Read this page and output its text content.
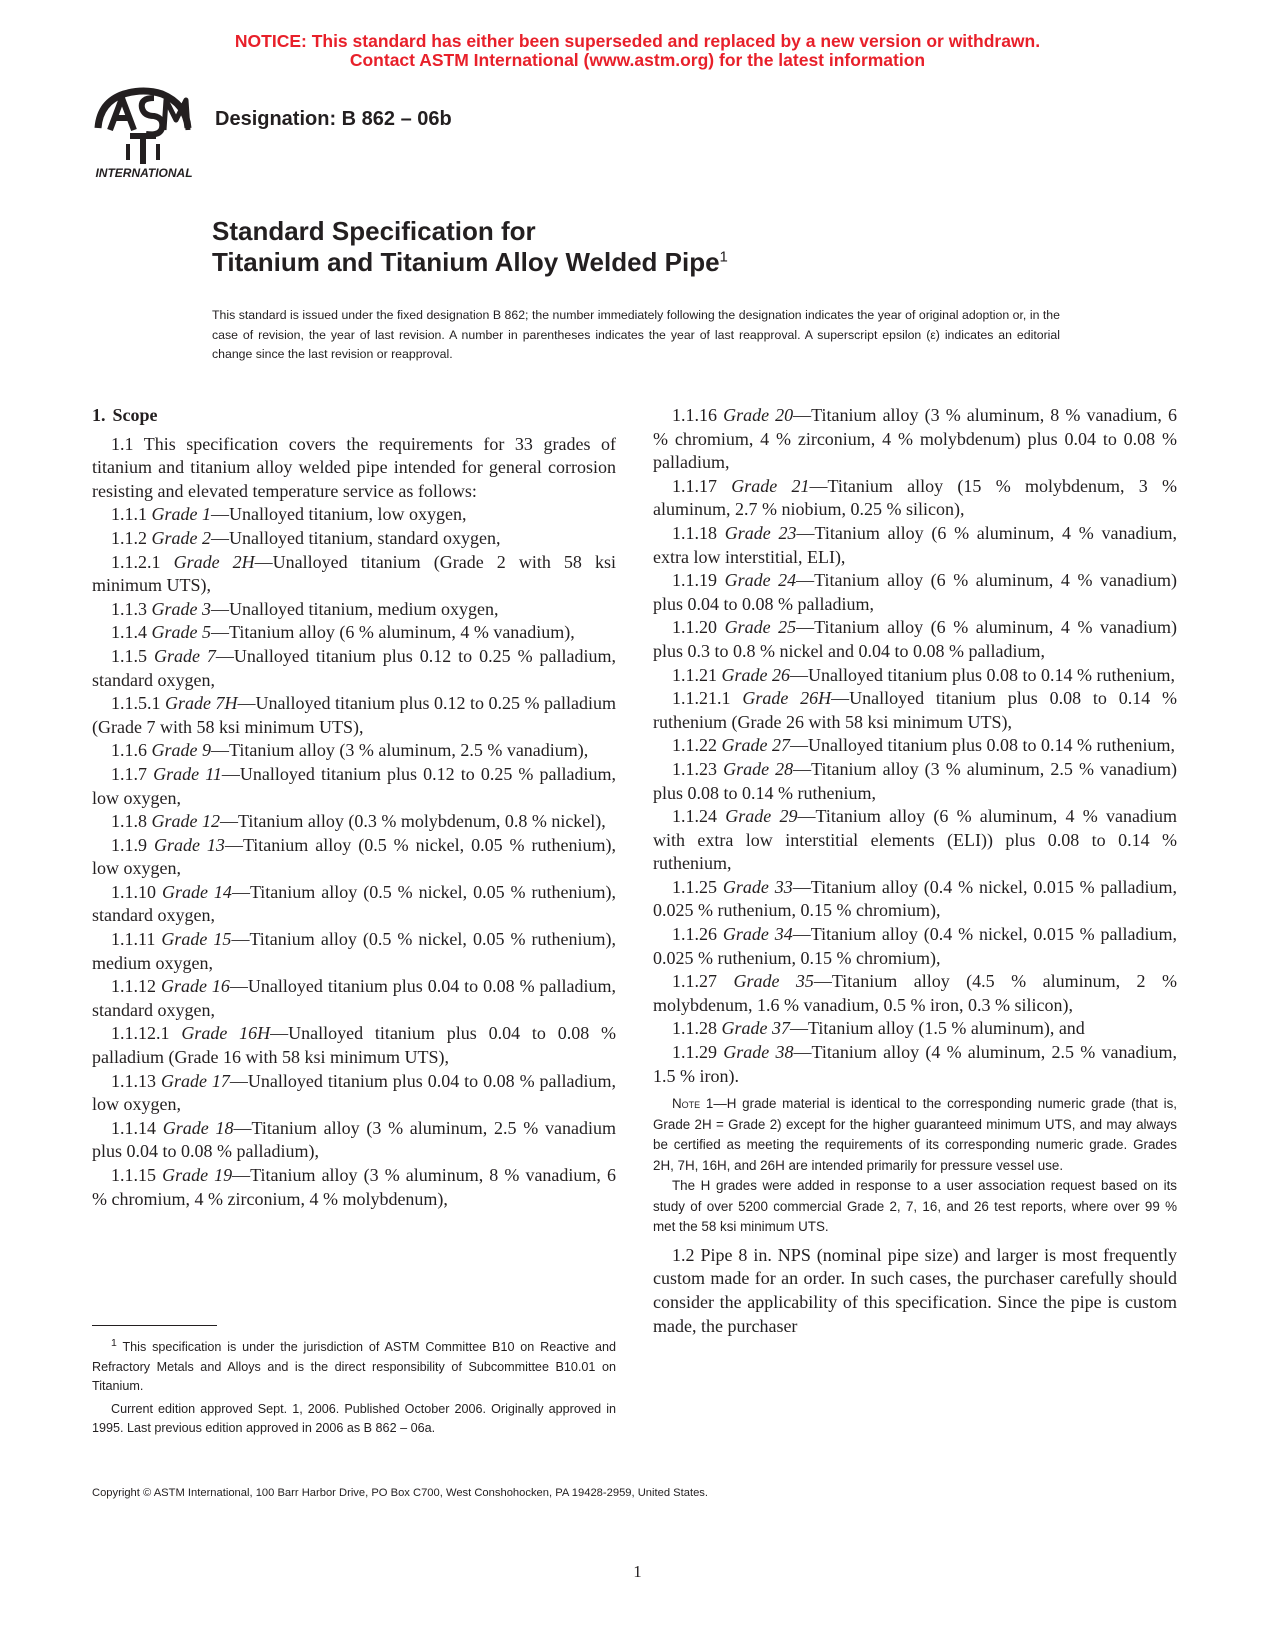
NOTICE: This standard has either been superseded and replaced by a new version or withdrawn.
Contact ASTM International (www.astm.org) for the latest information
INTERNATIONAL
Designation: B 862 – 06b
Standard Specification for
Titanium and Titanium Alloy Welded Pipe$^1$
This standard is issued under the fixed designation B 862; the number immediately following the designation indicates the year of original adoption or, in the case of revision, the year of last revision. A number in parentheses indicates the year of last reapproval. A superscript epsilon (ε) indicates an editorial change since the last revision or reapproval.
1. Scope

1.1 This specification covers the requirements for 33 grades of titanium and titanium alloy welded pipe intended for general corrosion resisting and elevated temperature service as follows:

1.1.1 Grade 1—Unalloyed titanium, low oxygen,

1.1.2 Grade 2—Unalloyed titanium, standard oxygen,

1.1.2.1 Grade 2H—Unalloyed titanium (Grade 2 with 58 ksi minimum UTS),

1.1.3 Grade 3—Unalloyed titanium, medium oxygen,

1.1.4 Grade 5—Titanium alloy (6 % aluminum, 4 % vanadium),

1.1.5 Grade 7—Unalloyed titanium plus 0.12 to 0.25 % palladium, standard oxygen,

1.1.5.1 Grade 7H—Unalloyed titanium plus 0.12 to 0.25 % palladium (Grade 7 with 58 ksi minimum UTS),

1.1.6 Grade 9—Titanium alloy (3 % aluminum, 2.5 % vanadium),

1.1.7 Grade 11—Unalloyed titanium plus 0.12 to 0.25 % palladium, low oxygen,

1.1.8 Grade 12—Titanium alloy (0.3 % molybdenum, 0.8 % nickel),

1.1.9 Grade 13—Titanium alloy (0.5 % nickel, 0.05 % ruthenium), low oxygen,

1.1.10 Grade 14—Titanium alloy (0.5 % nickel, 0.05 % ruthenium), standard oxygen,

1.1.11 Grade 15—Titanium alloy (0.5 % nickel, 0.05 % ruthenium), medium oxygen,

1.1.12 Grade 16—Unalloyed titanium plus 0.04 to 0.08 % palladium, standard oxygen,

1.1.12.1 Grade 16H—Unalloyed titanium plus 0.04 to 0.08 % palladium (Grade 16 with 58 ksi minimum UTS),

1.1.13 Grade 17—Unalloyed titanium plus 0.04 to 0.08 % palladium, low oxygen,

1.1.14 Grade 18—Titanium alloy (3 % aluminum, 2.5 % vanadium plus 0.04 to 0.08 % palladium),

1.1.15 Grade 19—Titanium alloy (3 % aluminum, 8 % vanadium, 6 % chromium, 4 % zirconium, 4 % molybdenum),

1.1.16 Grade 20—Titanium alloy (3 % aluminum, 8 % vanadium, 6 % chromium, 4 % zirconium, 4 % molybdenum) plus 0.04 to 0.08 % palladium,

1.1.17 Grade 21—Titanium alloy (15 % molybdenum, 3 % aluminum, 2.7 % niobium, 0.25 % silicon),

1.1.18 Grade 23—Titanium alloy (6 % aluminum, 4 % vanadium, extra low interstitial, ELI),

1.1.19 Grade 24—Titanium alloy (6 % aluminum, 4 % vanadium) plus 0.04 to 0.08 % palladium,

1.1.20 Grade 25—Titanium alloy (6 % aluminum, 4 % vanadium) plus 0.3 to 0.8 % nickel and 0.04 to 0.08 % palladium,

1.1.21 Grade 26—Unalloyed titanium plus 0.08 to 0.14 % ruthenium,

1.1.21.1 Grade 26H—Unalloyed titanium plus 0.08 to 0.14 % ruthenium (Grade 26 with 58 ksi minimum UTS),

1.1.22 Grade 27—Unalloyed titanium plus 0.08 to 0.14 % ruthenium,

1.1.23 Grade 28—Titanium alloy (3 % aluminum, 2.5 % vanadium) plus 0.08 to 0.14 % ruthenium,

1.1.24 Grade 29—Titanium alloy (6 % aluminum, 4 % vanadium with extra low interstitial elements (ELI)) plus 0.08 to 0.14 % ruthenium,

1.1.25 Grade 33—Titanium alloy (0.4 % nickel, 0.015 % palladium, 0.025 % ruthenium, 0.15 % chromium),

1.1.26 Grade 34—Titanium alloy (0.4 % nickel, 0.015 % palladium, 0.025 % ruthenium, 0.15 % chromium),

1.1.27 Grade 35—Titanium alloy (4.5 % aluminum, 2 % molybdenum, 1.6 % vanadium, 0.5 % iron, 0.3 % silicon),

1.1.28 Grade 37—Titanium alloy (1.5 % aluminum), and

1.1.29 Grade 38—Titanium alloy (4 % aluminum, 2.5 % vanadium, 1.5 % iron).

Note 1—H grade material is identical to the corresponding numeric grade (that is, Grade 2H = Grade 2) except for the higher guaranteed minimum UTS, and may always be certified as meeting the requirements of its corresponding numeric grade. Grades 2H, 7H, 16H, and 26H are intended primarily for pressure vessel use.

The H grades were added in response to a user association request based on its study of over 5200 commercial Grade 2, 7, 16, and 26 test reports, where over 99 % met the 58 ksi minimum UTS.

1.2 Pipe 8 in. NPS (nominal pipe size) and larger is most frequently custom made for an order. In such cases, the purchaser carefully should consider the applicability of this specification. Since the pipe is custom made, the purchaser

$^1$ This specification is under the jurisdiction of ASTM Committee B10 on Reactive and Refractory Metals and Alloys and is the direct responsibility of Subcommittee B10.01 on Titanium.

Current edition approved Sept. 1, 2006. Published October 2006. Originally approved in 1995. Last previous edition approved in 2006 as B 862 – 06a.

Copyright © ASTM International, 100 Barr Harbor Drive, PO Box C700, West Conshohocken, PA 19428-2959, United States.
1
